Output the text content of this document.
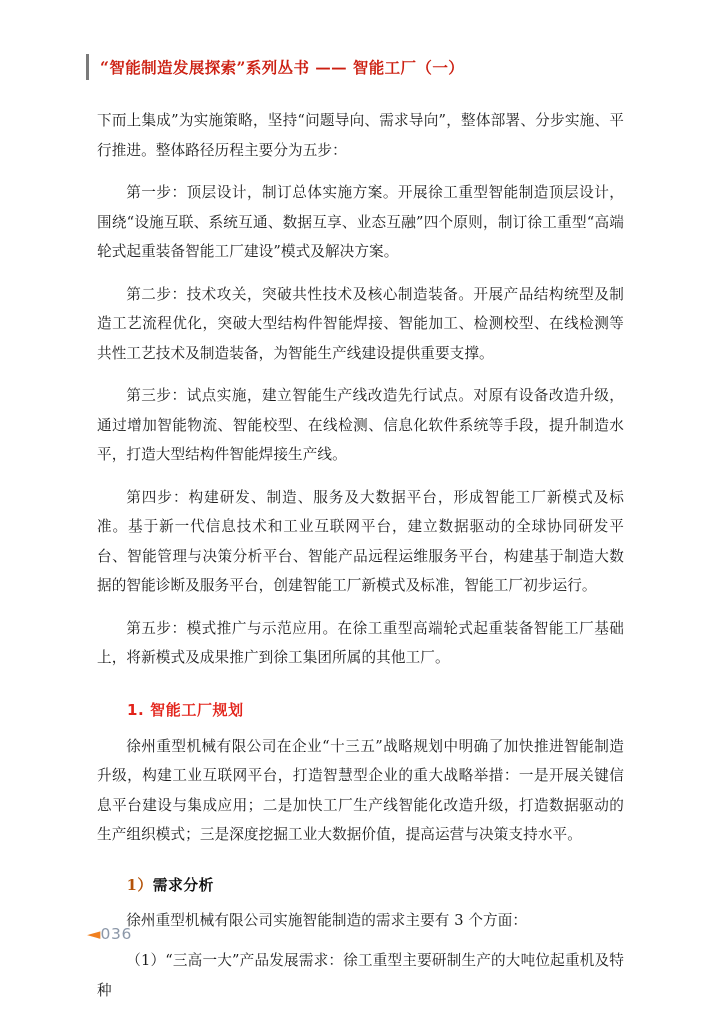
“智能制造发展探索”系列丛书 —— 智能工厂（一）

下而上集成”为实施策略，坚持“问题导向、需求导向”，整体部署、分步实施、平行推进。整体路径历程主要分为五步：

第一步：顶层设计，制订总体实施方案。开展徐工重型智能制造顶层设计，围绕“设施互联、系统互通、数据互享、业态互融”四个原则，制订徐工重型“高端轮式起重装备智能工厂建设”模式及解决方案。

第二步：技术攻关，突破共性技术及核心制造装备。开展产品结构统型及制造工艺流程优化，突破大型结构件智能焊接、智能加工、检测校型、在线检测等共性工艺技术及制造装备，为智能生产线建设提供重要支撑。

第三步：试点实施，建立智能生产线改造先行试点。对原有设备改造升级，通过增加智能物流、智能校型、在线检测、信息化软件系统等手段，提升制造水平，打造大型结构件智能焊接生产线。

第四步：构建研发、制造、服务及大数据平台，形成智能工厂新模式及标准。基于新一代信息技术和工业互联网平台，建立数据驱动的全球协同研发平台、智能管理与决策分析平台、智能产品远程运维服务平台，构建基于制造大数据的智能诊断及服务平台，创建智能工厂新模式及标准，智能工厂初步运行。

第五步：模式推广与示范应用。在徐工重型高端轮式起重装备智能工厂基础上，将新模式及成果推广到徐工集团所属的其他工厂。

1. 智能工厂规划

徐州重型机械有限公司在企业“十三五”战略规划中明确了加快推进智能制造升级，构建工业互联网平台，打造智慧型企业的重大战略举措：一是开展关键信息平台建设与集成应用；二是加快工厂生产线智能化改造升级，打造数据驱动的生产组织模式；三是深度挖掘工业大数据价值，提高运营与决策支持水平。

1）需求分析

徐州重型机械有限公司实施智能制造的需求主要有 3 个方面：

（1）“三高一大”产品发展需求：徐工重型主要研制生产的大吨位起重机及特种

◄ 036
